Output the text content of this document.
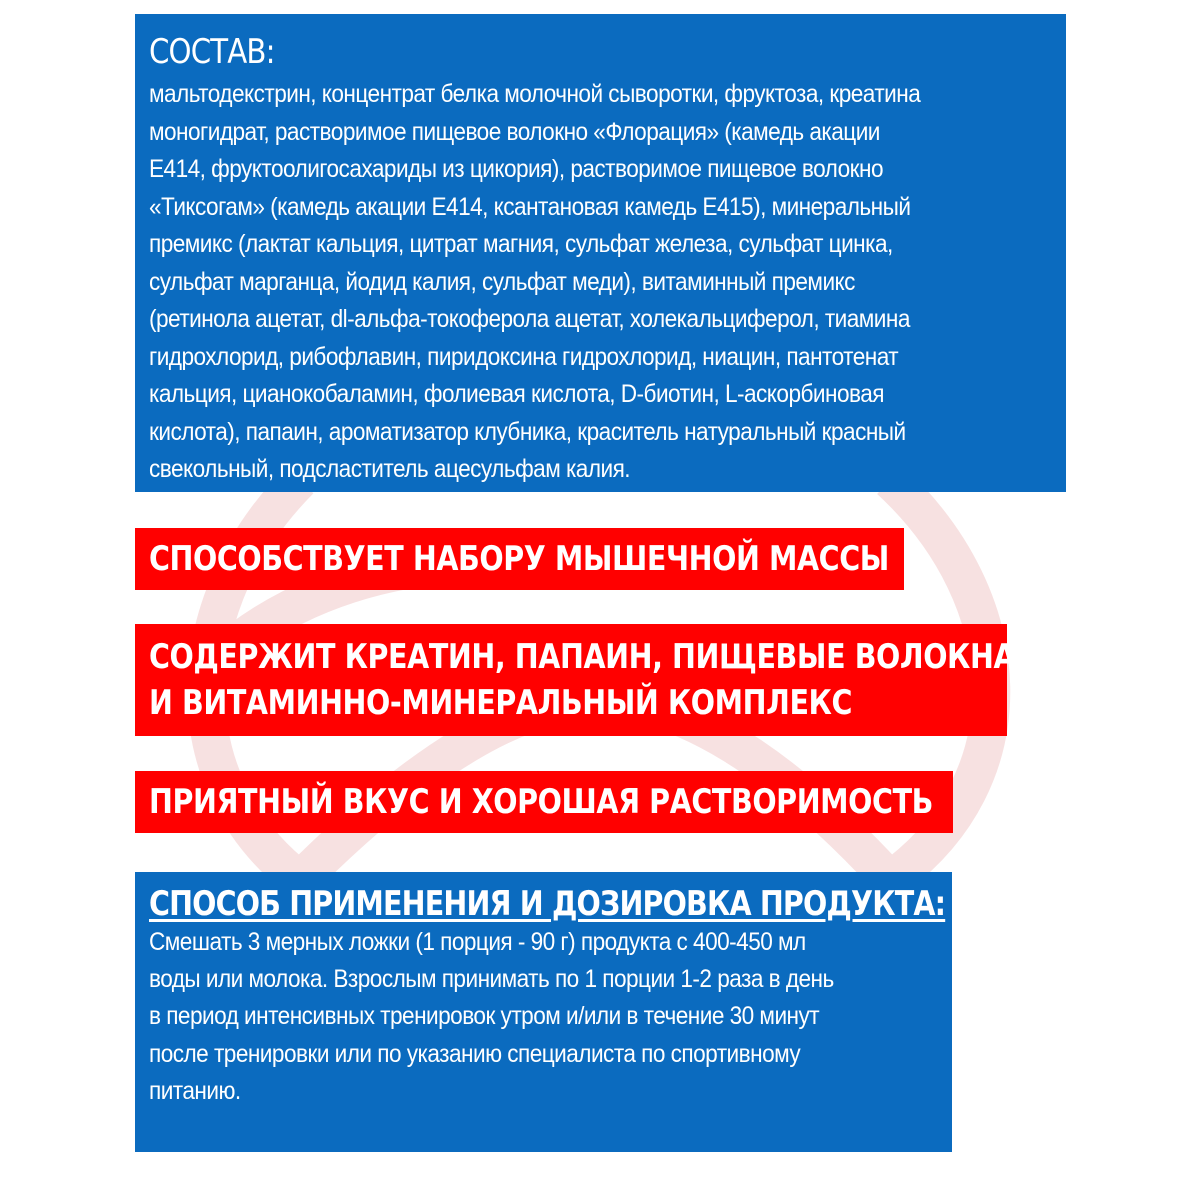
СОСТАВ:
мальтодекстрин, концентрат белка молочной сыворотки, фруктоза, креатина
моногидрат, растворимое пищевое волокно «Флорация» (камедь акации
Е414, фруктоолигосахариды из цикория), растворимое пищевое волокно
«Тиксогам» (камедь акации Е414, ксантановая камедь Е415), минеральный
премикс (лактат кальция, цитрат магния, сульфат железа, сульфат цинка,
сульфат марганца, йодид калия, сульфат меди), витаминный премикс
(ретинола ацетат, dl-альфа-токоферола ацетат, холекальциферол, тиамина
гидрохлорид, рибофлавин, пиридоксина гидрохлорид, ниацин, пантотенат
кальция, цианокобаламин, фолиевая кислота, D-биотин, L-аскорбиновая
кислота), папаин, ароматизатор клубника, краситель натуральный красный
свекольный, подсластитель ацесульфам калия.
СПОСОБСТВУЕТ НАБОРУ МЫШЕЧНОЙ МАССЫ
СОДЕРЖИТ КРЕАТИН, ПАПАИН, ПИЩЕВЫЕ ВОЛОКНА
И ВИТАМИННО-МИНЕРАЛЬНЫЙ КОМПЛЕКС
ПРИЯТНЫЙ ВКУС И ХОРОШАЯ РАСТВОРИМОСТЬ
СПОСОБ ПРИМЕНЕНИЯ И ДОЗИРОВКА ПРОДУКТА:
Смешать 3 мерных ложки (1 порция - 90 г) продукта с 400-450 мл
воды или молока. Взрослым принимать по 1 порции 1-2 раза в день
в период интенсивных тренировок утром и/или в течение 30 минут
после тренировки или по указанию специалиста по спортивному
питанию.
